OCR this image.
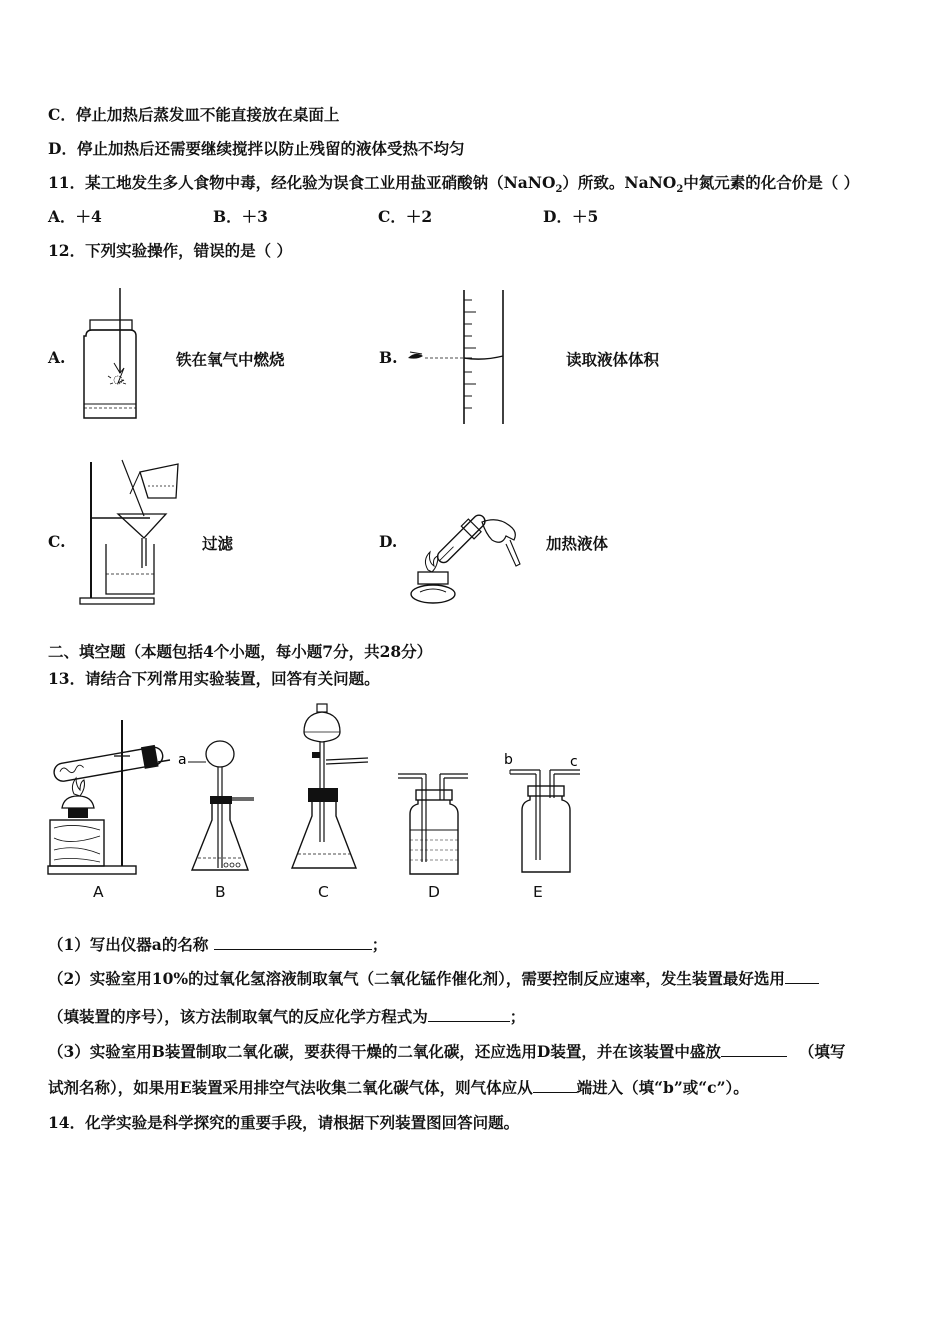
C．停止加热后蒸发皿不能直接放在桌面上
D．停止加热后还需要继续搅拌以防止残留的液体受热不均匀
11．某工地发生多人食物中毒，经化验为误食工业用盐亚硝酸钠（NaNO$_2$）所致。NaNO$_2$中氮元素的化合价是（ ）
A．＋4	B．＋3	C．＋2	D．＋5
12．下列实验操作，错误的是（ ）
A.	铁在氧气中燃烧	B.	读取液体体积
C.	过滤	D.	加热液体
二、填空题（本题包括4个小题，每小题7分，共28分）
13．请结合下列常用实验装置，回答有关问题。
A
a
B	C	D
b	c
E
（1）写出仪器a的名称	；
（2）实验室用10%的过氧化氢溶液制取氧气（二氧化锰作催化剂），需要控制反应速率，发生装置最好选用
（填装置的序号），该方法制取氧气的反应化学方程式为	；
（3）实验室用B装置制取二氧化碳，要获得干燥的二氧化碳，还应选用D装置，并在该装置中盛放	（填写
试剂名称），如果用E装置采用排空气法收集二氧化碳气体，则气体应从	端进入（填“b”或“c”）。
14．化学实验是科学探究的重要手段，请根据下列装置图回答问题。
